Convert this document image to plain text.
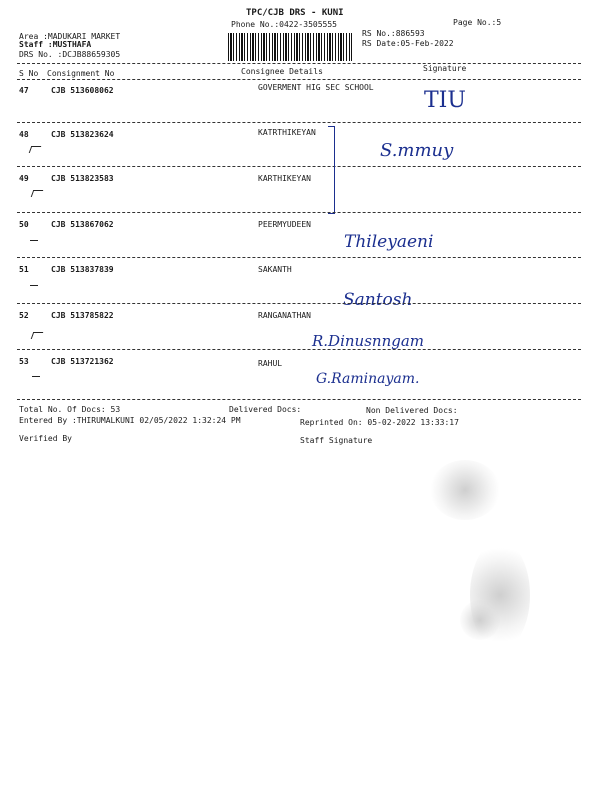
TPC/CJB DRS - KUNI
Phone No.:0422-3505555	Page No.:5
Area :MADUKARI MARKET
Staff :MUSTHAFA
DRS No. :DCJB88659305
RS No.:886593
RS Date:05-Feb-2022
S No Consignment No	Consignee Details	Signature
47	CJB 513608062	GOVERMENT HIG SEC SCHOOL
TIU
48	CJB 513823624	KATRTHIKEYAN
S.mmuy
49	CJB 513823583	KARTHIKEYAN
50	CJB 513867062	PEERMYUDEEN
Thileyaeni
51	CJB 513837839	SAKANTH
Santosh
52	CJB 513785822	RANGANATHAN
R.Dinusnngam
53	CJB 513721362	RAHUL
G.Raminayam.
Total No. Of Docs: 53	Delivered Docs:	Non Delivered Docs:
Entered By :THIRUMALKUNI 02/05/2022 1:32:24 PM	Reprinted On: 05-02-2022 13:33:17
Verified By	Staff Signature
